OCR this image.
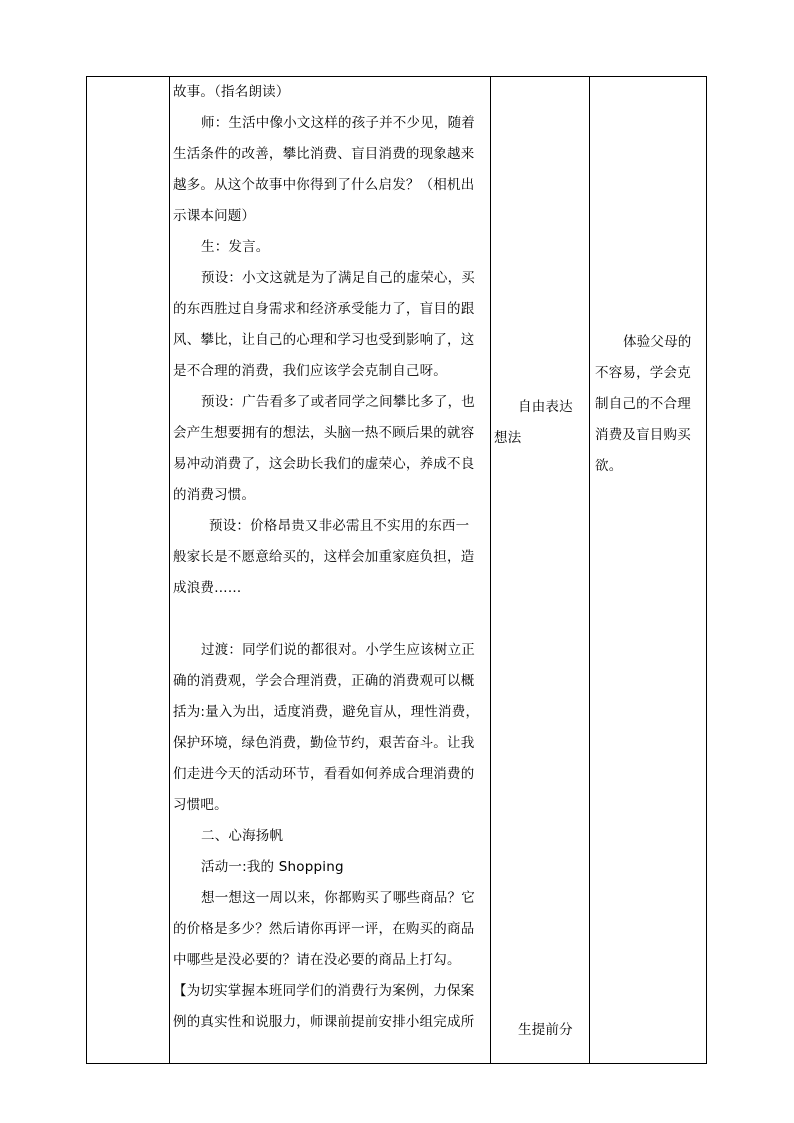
故事。（指名朗读）
师：生活中像小文这样的孩子并不少见，随着
生活条件的改善，攀比消费、盲目消费的现象越来
越多。从这个故事中你得到了什么启发？（相机出
示课本问题）
生：发言。
预设：小文这就是为了满足自己的虚荣心，买
的东西胜过自身需求和经济承受能力了，盲目的跟
风、攀比，让自己的心理和学习也受到影响了，这
是不合理的消费，我们应该学会克制自己呀。
预设：广告看多了或者同学之间攀比多了，也
会产生想要拥有的想法，头脑一热不顾后果的就容
易冲动消费了，这会助长我们的虚荣心，养成不良
的消费习惯。
预设：价格昂贵又非必需且不实用的东西一
般家长是不愿意给买的，这样会加重家庭负担，造
成浪费……
过渡：同学们说的都很对。小学生应该树立正
确的消费观，学会合理消费，正确的消费观可以概
括为:量入为出，适度消费，避免盲从，理性消费，
保护环境，绿色消费，勤俭节约，艰苦奋斗。让我
们走进今天的活动环节，看看如何养成合理消费的
习惯吧。
二、心海扬帆
活动一:我的 Shopping
想一想这一周以来，你都购买了哪些商品？它
的价格是多少？然后请你再评一评，在购买的商品
中哪些是没必要的？请在没必要的商品上打勾。
【为切实掌握本班同学们的消费行为案例，力保案
例的真实性和说服力，师课前提前安排小组完成所
自由表达
想法
生提前分
体验父母的
不容易，学会克
制自己的不合理
消费及盲目购买
欲。
